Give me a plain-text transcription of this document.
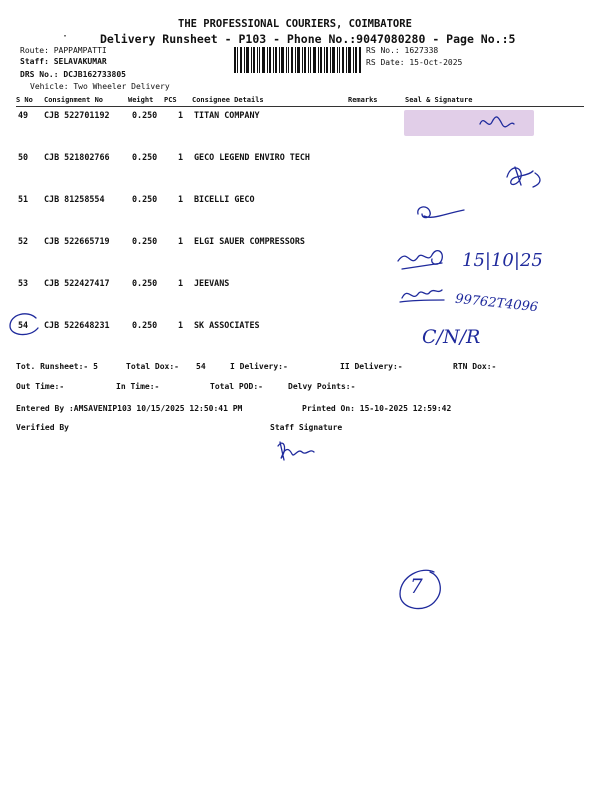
THE PROFESSIONAL COURIERS, COIMBATORE
·	Delivery Runsheet - P103 - Phone No.:9047080280 - Page No.:5
Route: PAPPAMPATTI
Staff: SELAVAKUMAR
DRS No.: DCJB162733805
Vehicle: Two Wheeler Delivery
RS No.: 1627338
RS Date: 15-Oct-2025
S No Consignment No	Weight PCS Consignee Details	Remarks	Seal & Signature
49 CJB 522701192	0.250 1 TITAN COMPANY
50 CJB 521802766	0.250 1 GECO LEGEND ENVIRO TECH
51 CJB 81258554	0.250 1 BICELLI GECO
52 CJB 522665719	0.250 1 ELGI SAUER COMPRESSORS
53 CJB 522427417	0.250 1 JEEVANS
54 CJB 522648231	0.250 1 SK ASSOCIATES
15|10|25
99762T4096
C/N/R
Tot. Runsheet:- 5	Total Dox:- 54	I Delivery:-	II Delivery:-	RTN Dox:-
Out Time:-	In Time:-	Total POD:-	Delvy Points:-
Entered By :AMSAVENIP103 10/15/2025 12:50:41 PM	Printed On: 15-10-2025 12:59:42
Verified By	Staff Signature
7
